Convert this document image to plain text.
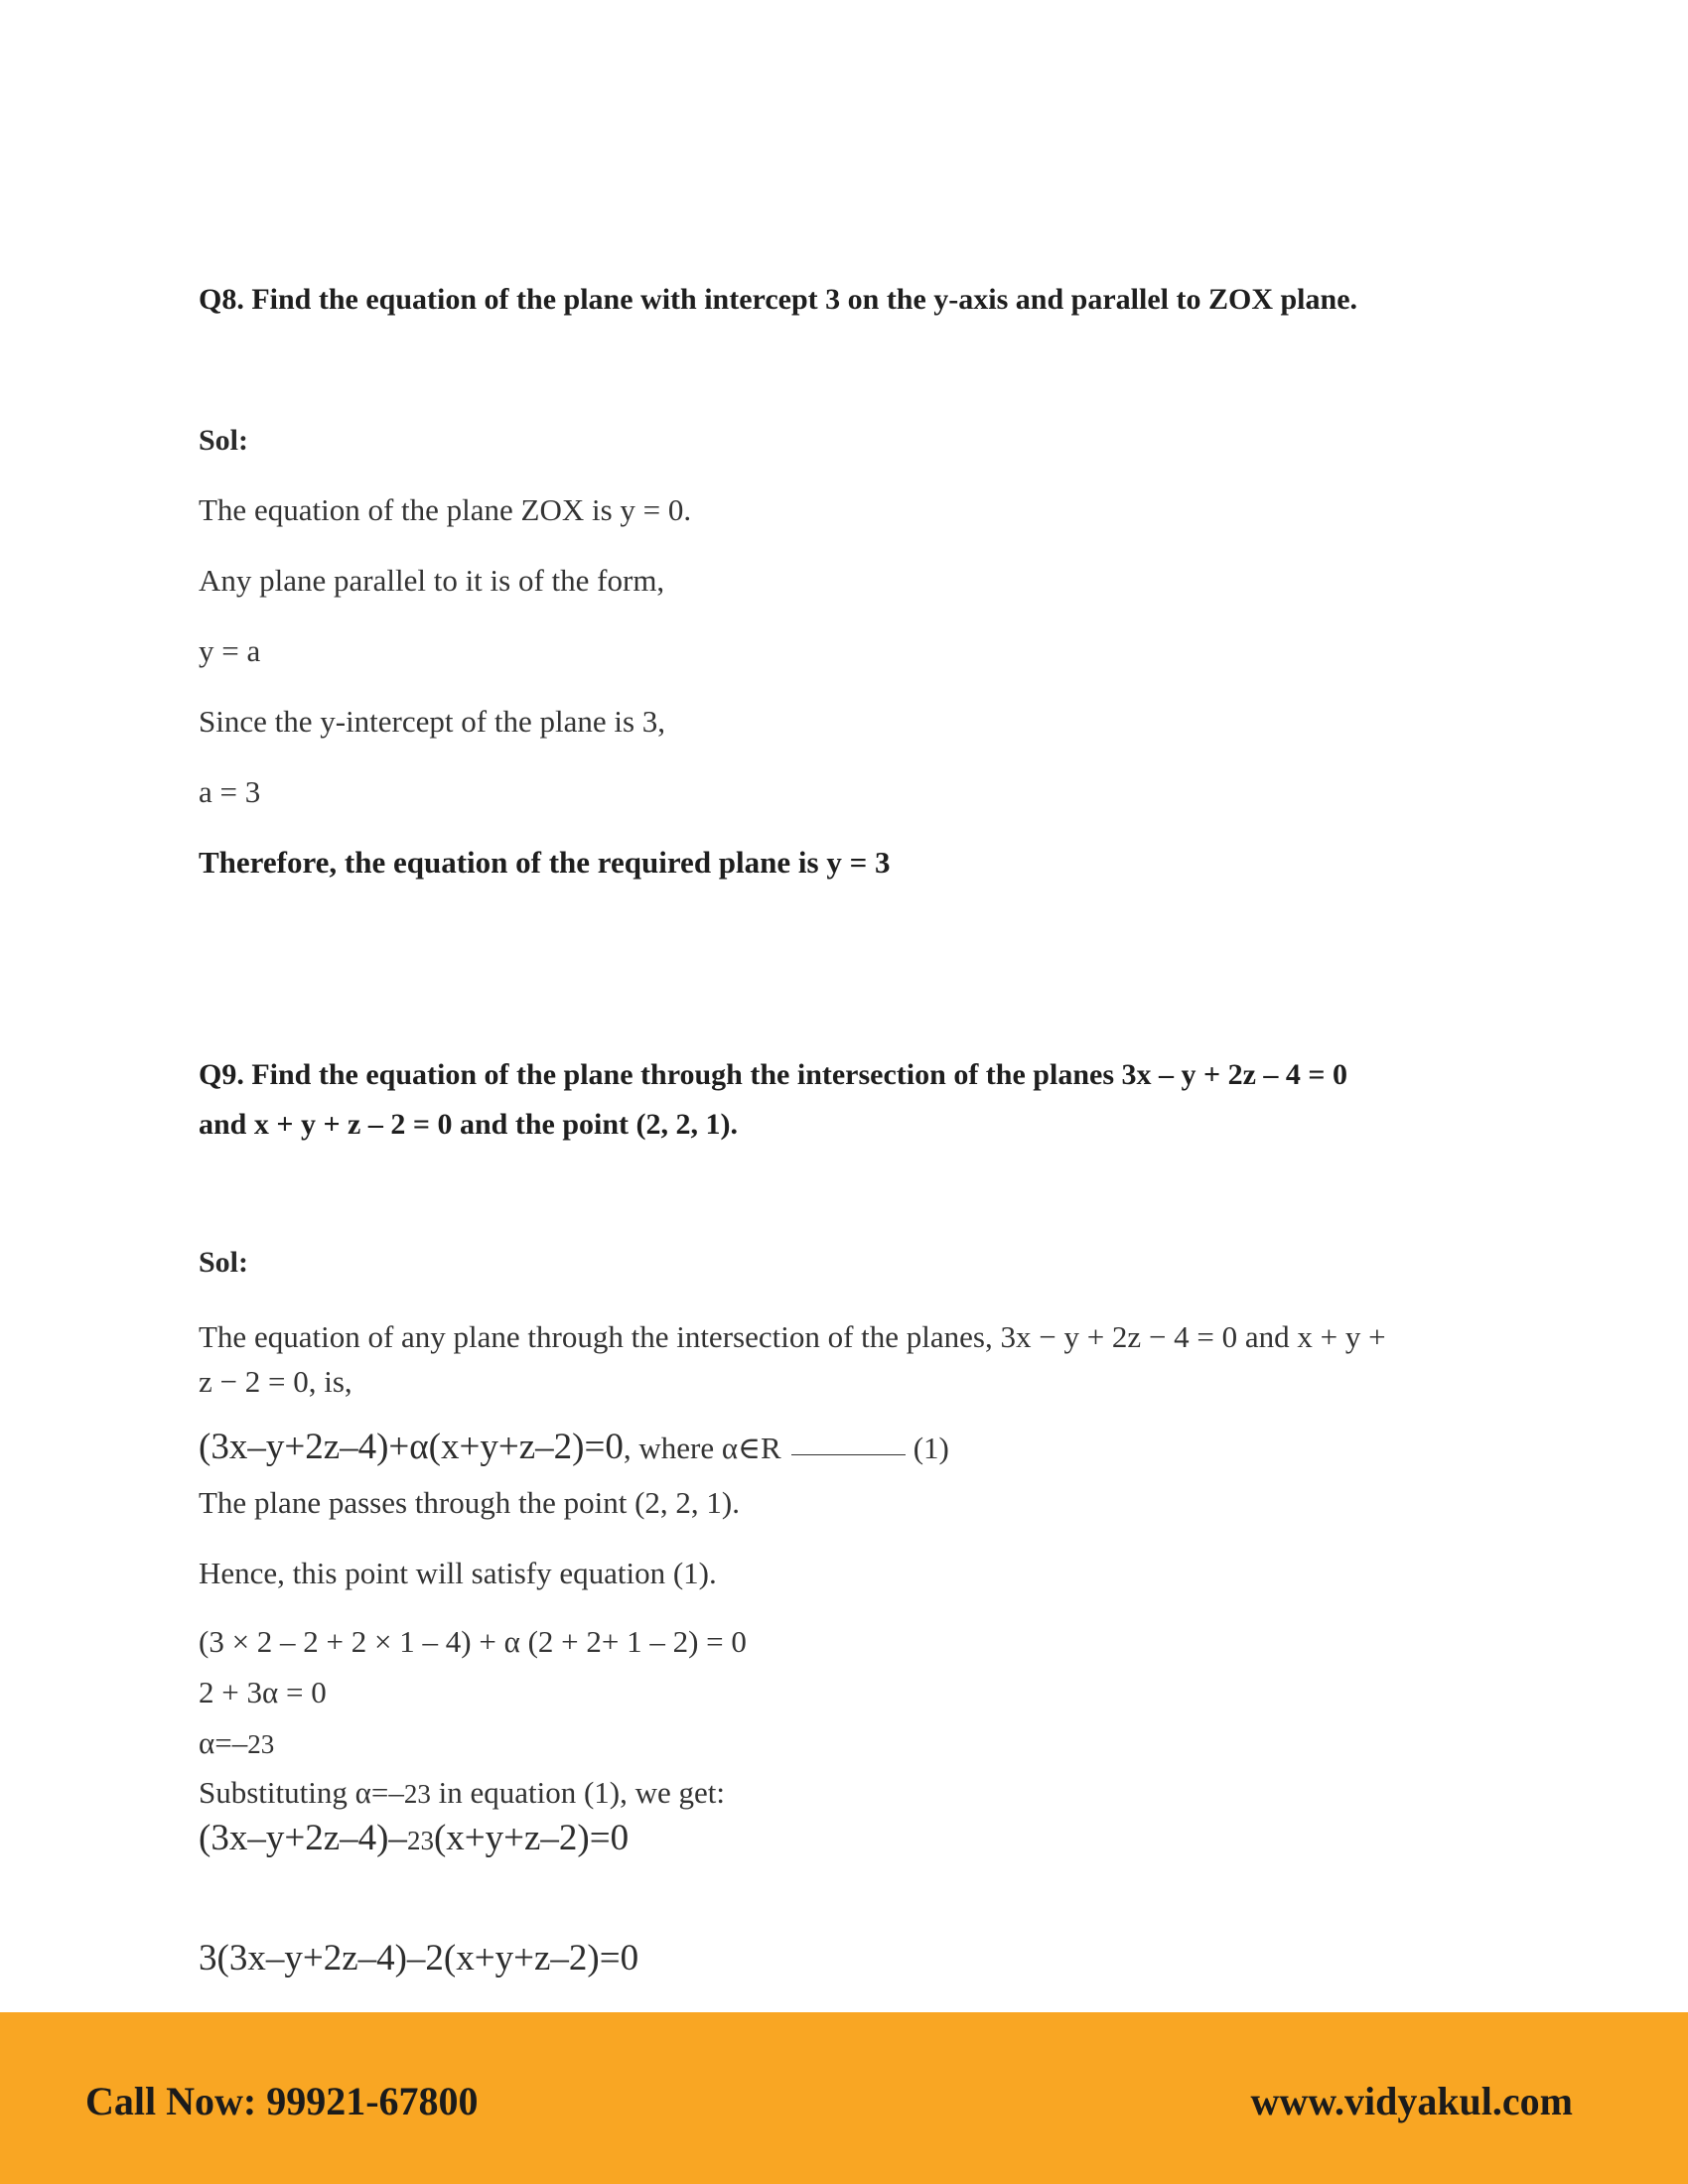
Q8. Find the equation of the plane with intercept 3 on the y-axis and parallel to ZOX plane.

Sol:

The equation of the plane ZOX is y = 0.

Any plane parallel to it is of the form,

y = a

Since the y-intercept of the plane is 3,

a = 3

Therefore, the equation of the required plane is y = 3

Q9. Find the equation of the plane through the intersection of the planes 3x – y + 2z – 4 = 0
and x + y + z – 2 = 0 and the point (2, 2, 1).

Sol:

The equation of any plane through the intersection of the planes, 3x − y + 2z − 4 = 0 and x + y +
z − 2 = 0, is,
(3x–y+2z–4)+α(x+y+z–2)=0, where α∈R	(1)

The plane passes through the point (2, 2, 1).

Hence, this point will satisfy equation (1).

(3 × 2 – 2 + 2 × 1 – 4) + α (2 + 2+ 1 – 2) = 0

2 + 3α = 0

α=–23
Substituting α=–23 in equation (1), we get:
(3x–y+2z–4)–23(x+y+z–2)=0

3(3x–y+2z–4)–2(x+y+z–2)=0

Call Now: 99921-67800	www.vidyakul.com
